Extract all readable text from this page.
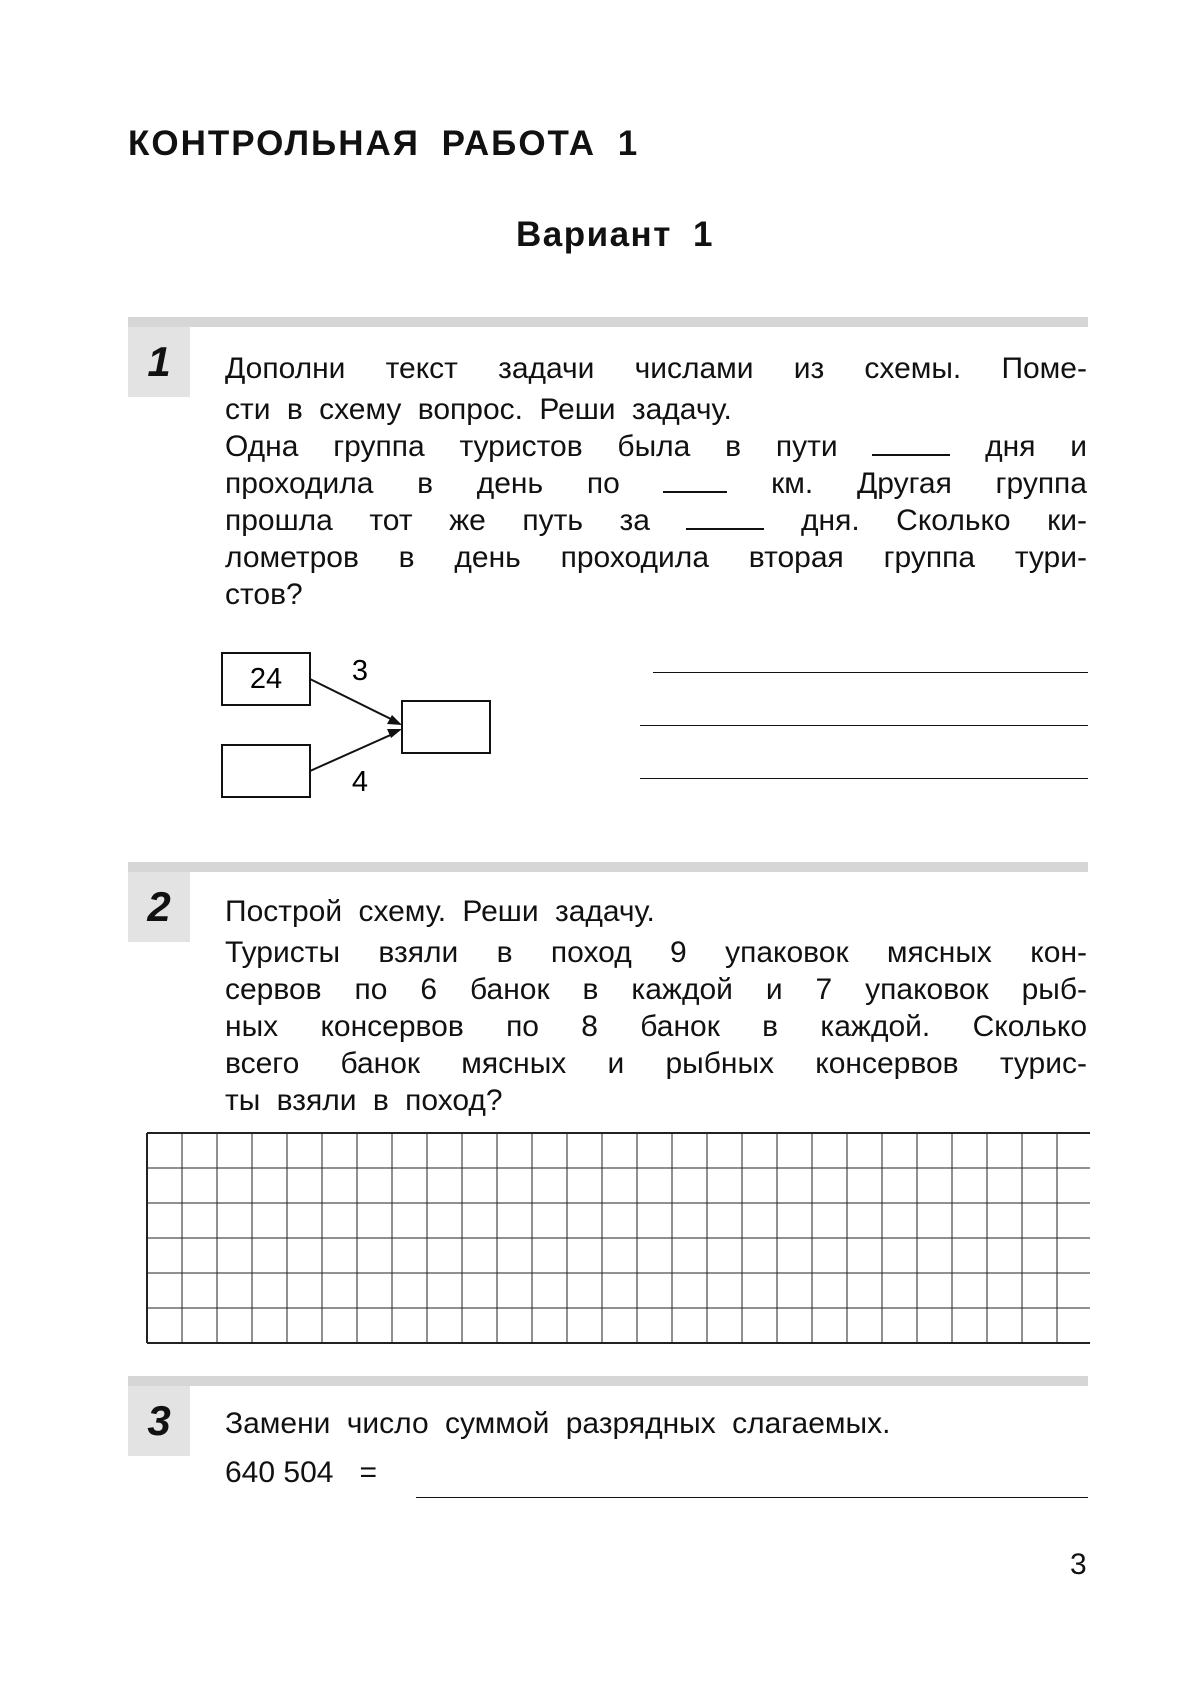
КОНТРОЛЬНАЯ РАБОТА 1
Вариант 1
1	Дополни текст задачи числами из схемы. Поме-
сти в схему вопрос. Реши задачу.
Одна группа туристов была в пути	дня и
проходила в день по	км. Другая группа
прошла тот же путь за	дня. Сколько ки-
лометров в день проходила вторая группа тури-
стов?
24 3
4
2	Построй схему. Реши задачу.
Туристы взяли в поход 9 упаковок мясных кон-
сервов по 6 банок в каждой и 7 упаковок рыб-
ных консервов по 8 банок в каждой. Сколько
всего банок мясных и рыбных консервов турис-
ты взяли в поход?
3	Замени число суммой разрядных слагаемых.
640 504 =
3
